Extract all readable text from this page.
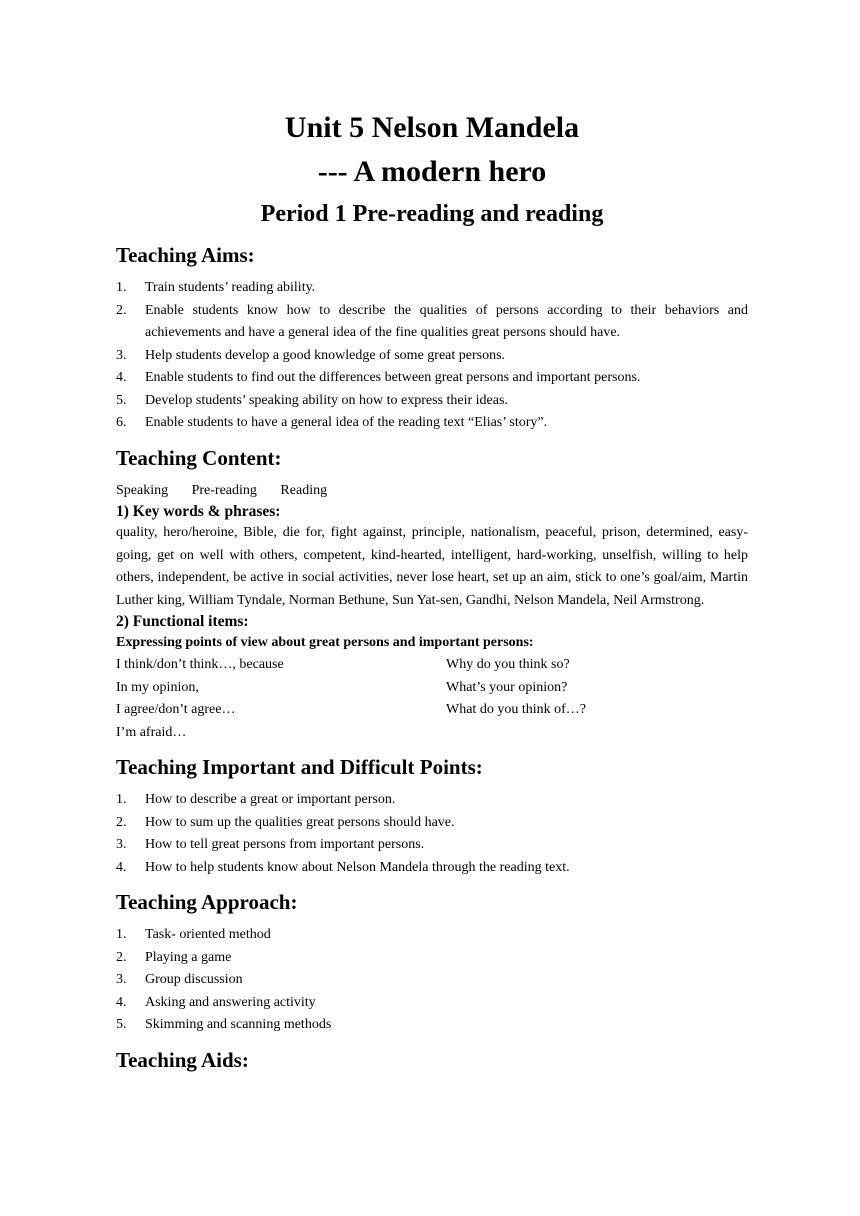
Unit 5 Nelson Mandela
--- A modern hero
Period 1 Pre-reading and reading
Teaching Aims:
1. Train students’ reading ability.
2. Enable students know how to describe the qualities of persons according to their behaviors and achievements and have a general idea of the fine qualities great persons should have.
3. Help students develop a good knowledge of some great persons.
4. Enable students to find out the differences between great persons and important persons.
5. Develop students’ speaking ability on how to express their ideas.
6. Enable students to have a general idea of the reading text “Elias’ story”.
Teaching Content:

Speaking Pre-reading Reading

1) Key words & phrases:

quality, hero/heroine, Bible, die for, fight against, principle, nationalism, peaceful, prison, determined, easy-going, get on well with others, competent, kind-hearted, intelligent, hard-working, unselfish, willing to help others, independent, be active in social activities, never lose heart, set up an aim, stick to one’s goal/aim, Martin Luther king, William Tyndale, Norman Bethune, Sun Yat-sen, Gandhi, Nelson Mandela, Neil Armstrong.

2) Functional items:
Expressing points of view about great persons and important persons:
I think/don’t think…, because	Why do you think so?
In my opinion,	What’s your opinion?
I agree/don’t agree…	What do you think of…?
I’m afraid…
Teaching Important and Difficult Points:
1. How to describe a great or important person.
2. How to sum up the qualities great persons should have.
3. How to tell great persons from important persons.
4. How to help students know about Nelson Mandela through the reading text.
Teaching Approach:
1. Task- oriented method
2. Playing a game
3. Group discussion
4. Asking and answering activity
5. Skimming and scanning methods
Teaching Aids:
